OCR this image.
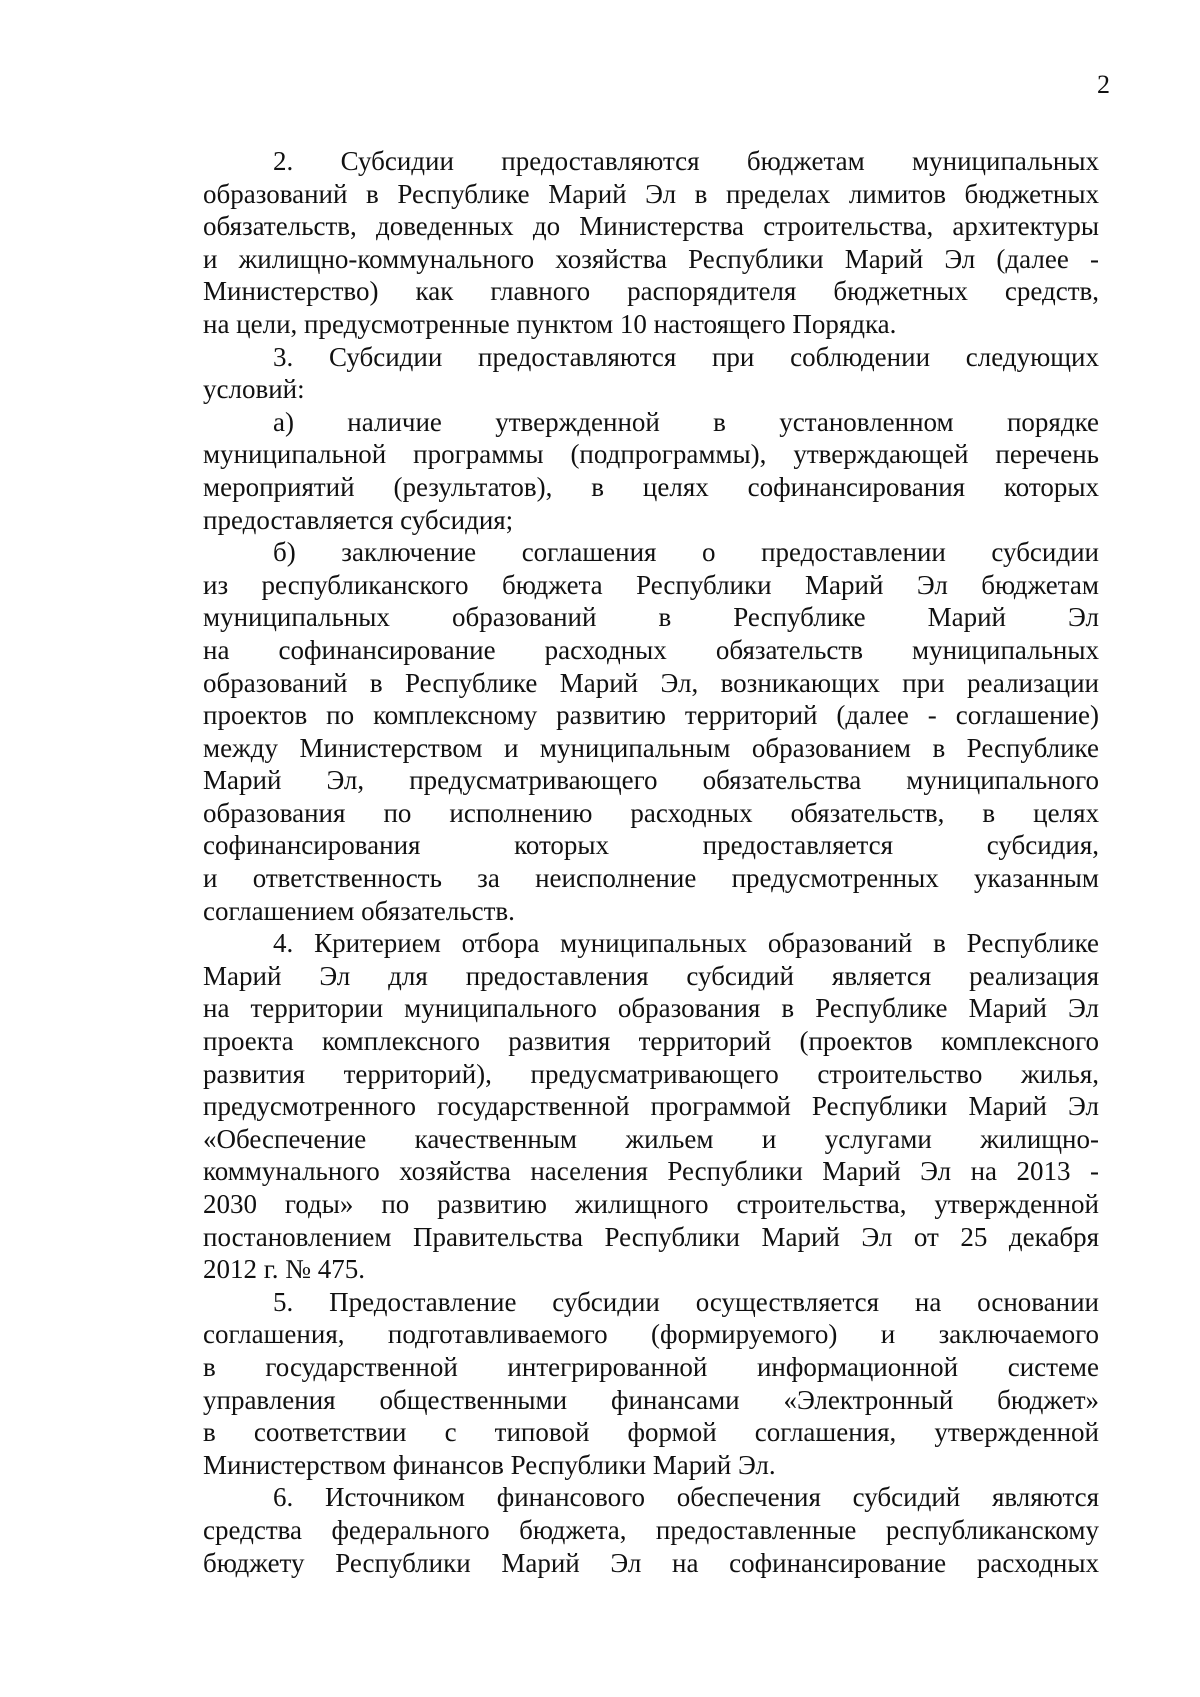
2
2. Субсидии предоставляются бюджетам муниципальных
образований в Республике Марий Эл в пределах лимитов бюджетных
обязательств, доведенных до Министерства строительства, архитектуры
и жилищно-коммунального хозяйства Республики Марий Эл (далее -
Министерство) как главного распорядителя бюджетных средств,
на цели, предусмотренные пунктом 10 настоящего Порядка.
3. Субсидии предоставляются при соблюдении следующих
условий:
а) наличие утвержденной в установленном порядке
муниципальной программы (подпрограммы), утверждающей перечень
мероприятий (результатов), в целях софинансирования которых
предоставляется субсидия;
б) заключение соглашения о предоставлении субсидии
из республиканского бюджета Республики Марий Эл бюджетам
муниципальных образований в Республике Марий Эл
на софинансирование расходных обязательств муниципальных
образований в Республике Марий Эл, возникающих при реализации
проектов по комплексному развитию территорий (далее - соглашение)
между Министерством и муниципальным образованием в Республике
Марий Эл, предусматривающего обязательства муниципального
образования по исполнению расходных обязательств, в целях
софинансирования которых предоставляется субсидия,
и ответственность за неисполнение предусмотренных указанным
соглашением обязательств.
4. Критерием отбора муниципальных образований в Республике
Марий Эл для предоставления субсидий является реализация
на территории муниципального образования в Республике Марий Эл
проекта комплексного развития территорий (проектов комплексного
развития территорий), предусматривающего строительство жилья,
предусмотренного государственной программой Республики Марий Эл
«Обеспечение качественным жильем и услугами жилищно-
коммунального хозяйства населения Республики Марий Эл на 2013 -
2030 годы» по развитию жилищного строительства, утвержденной
постановлением Правительства Республики Марий Эл от 25 декабря
2012 г. № 475.
5. Предоставление субсидии осуществляется на основании
соглашения, подготавливаемого (формируемого) и заключаемого
в государственной интегрированной информационной системе
управления общественными финансами «Электронный бюджет»
в соответствии с типовой формой соглашения, утвержденной
Министерством финансов Республики Марий Эл.
6. Источником финансового обеспечения субсидий являются
средства федерального бюджета, предоставленные республиканскому
бюджету Республики Марий Эл на софинансирование расходных
